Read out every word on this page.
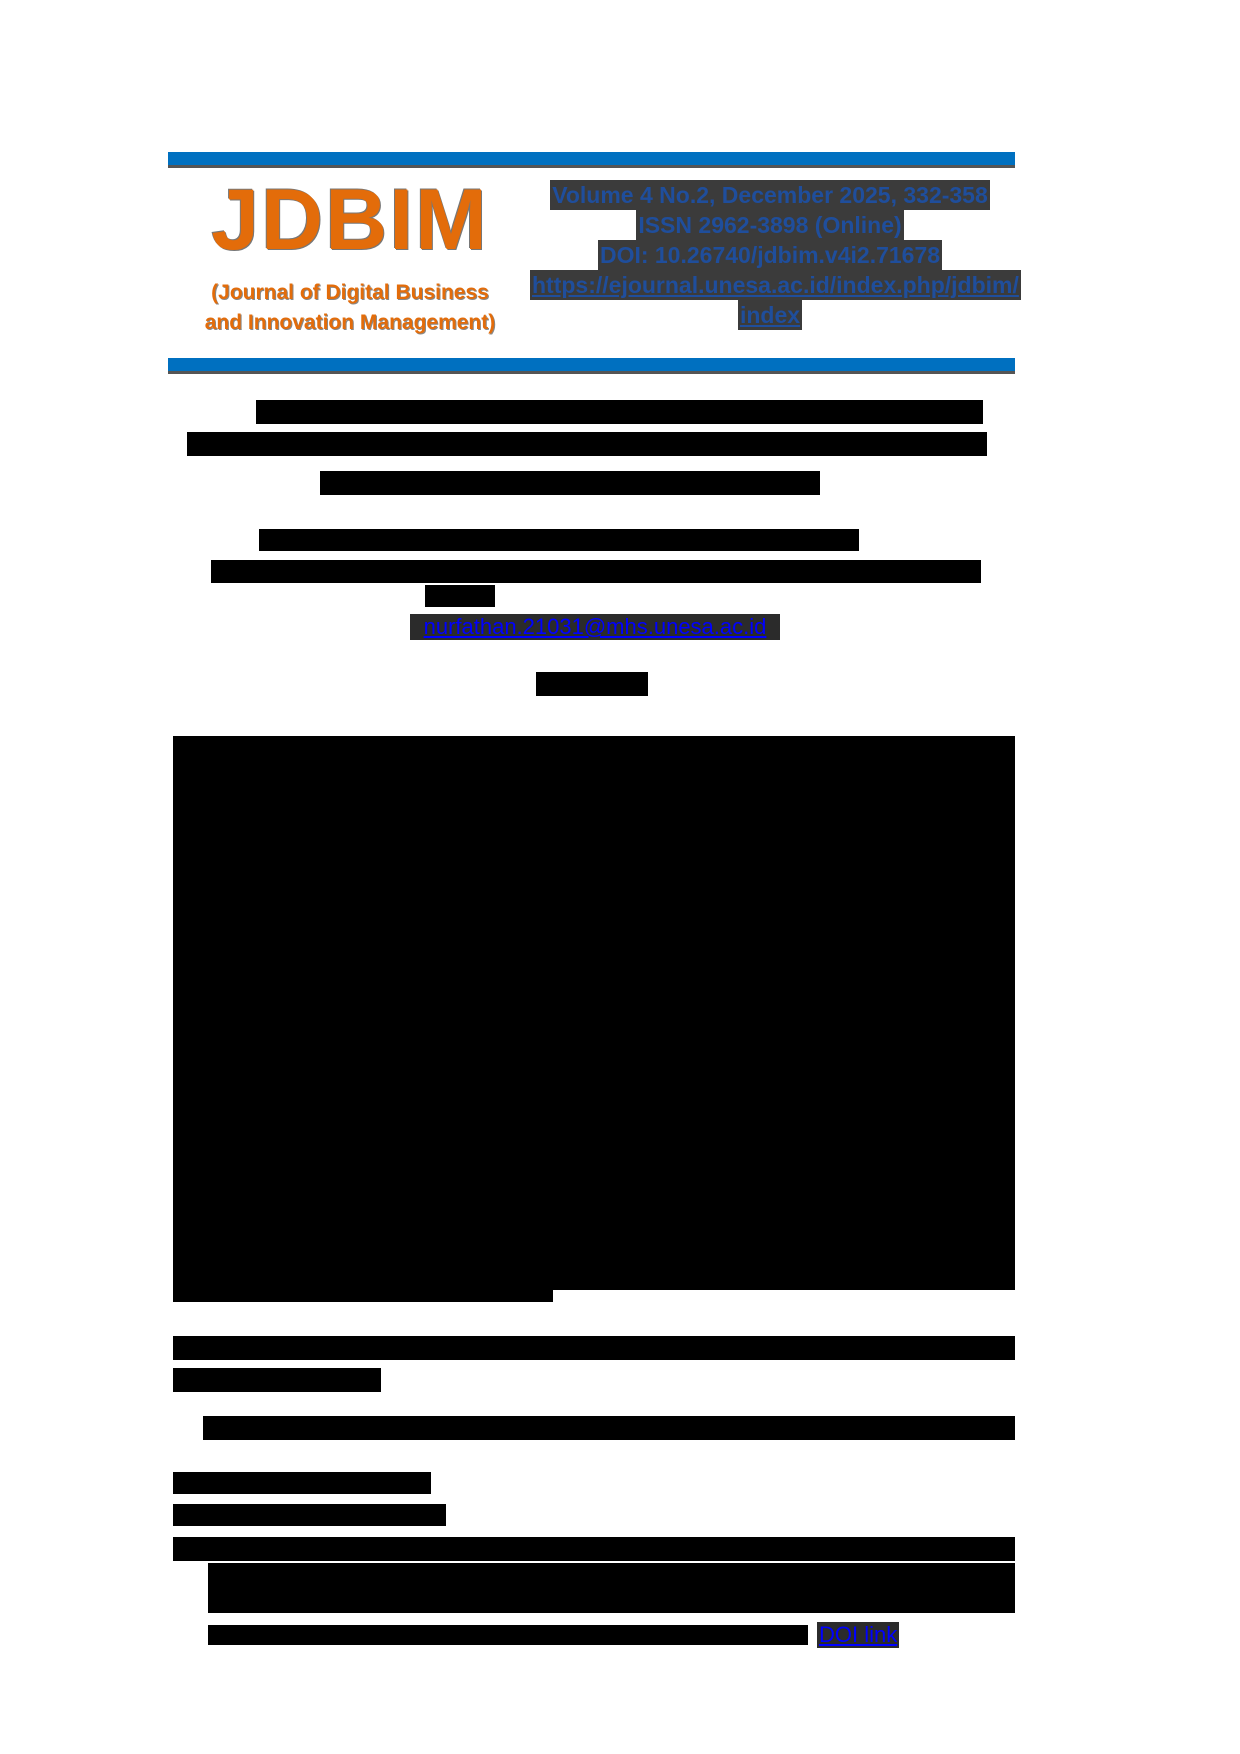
JDBIM
(Journal of Digital Business
and Innovation Management)
Volume 4 No.2, December 2025, 332-358
ISSN 2962-3898 (Online)
DOI: 10.26740/jdbim.v4i2.71678
https://ejournal.unesa.ac.id/index.php/jdbim/
index
nurfathan.21031@mhs.unesa.ac.id
DOI link
